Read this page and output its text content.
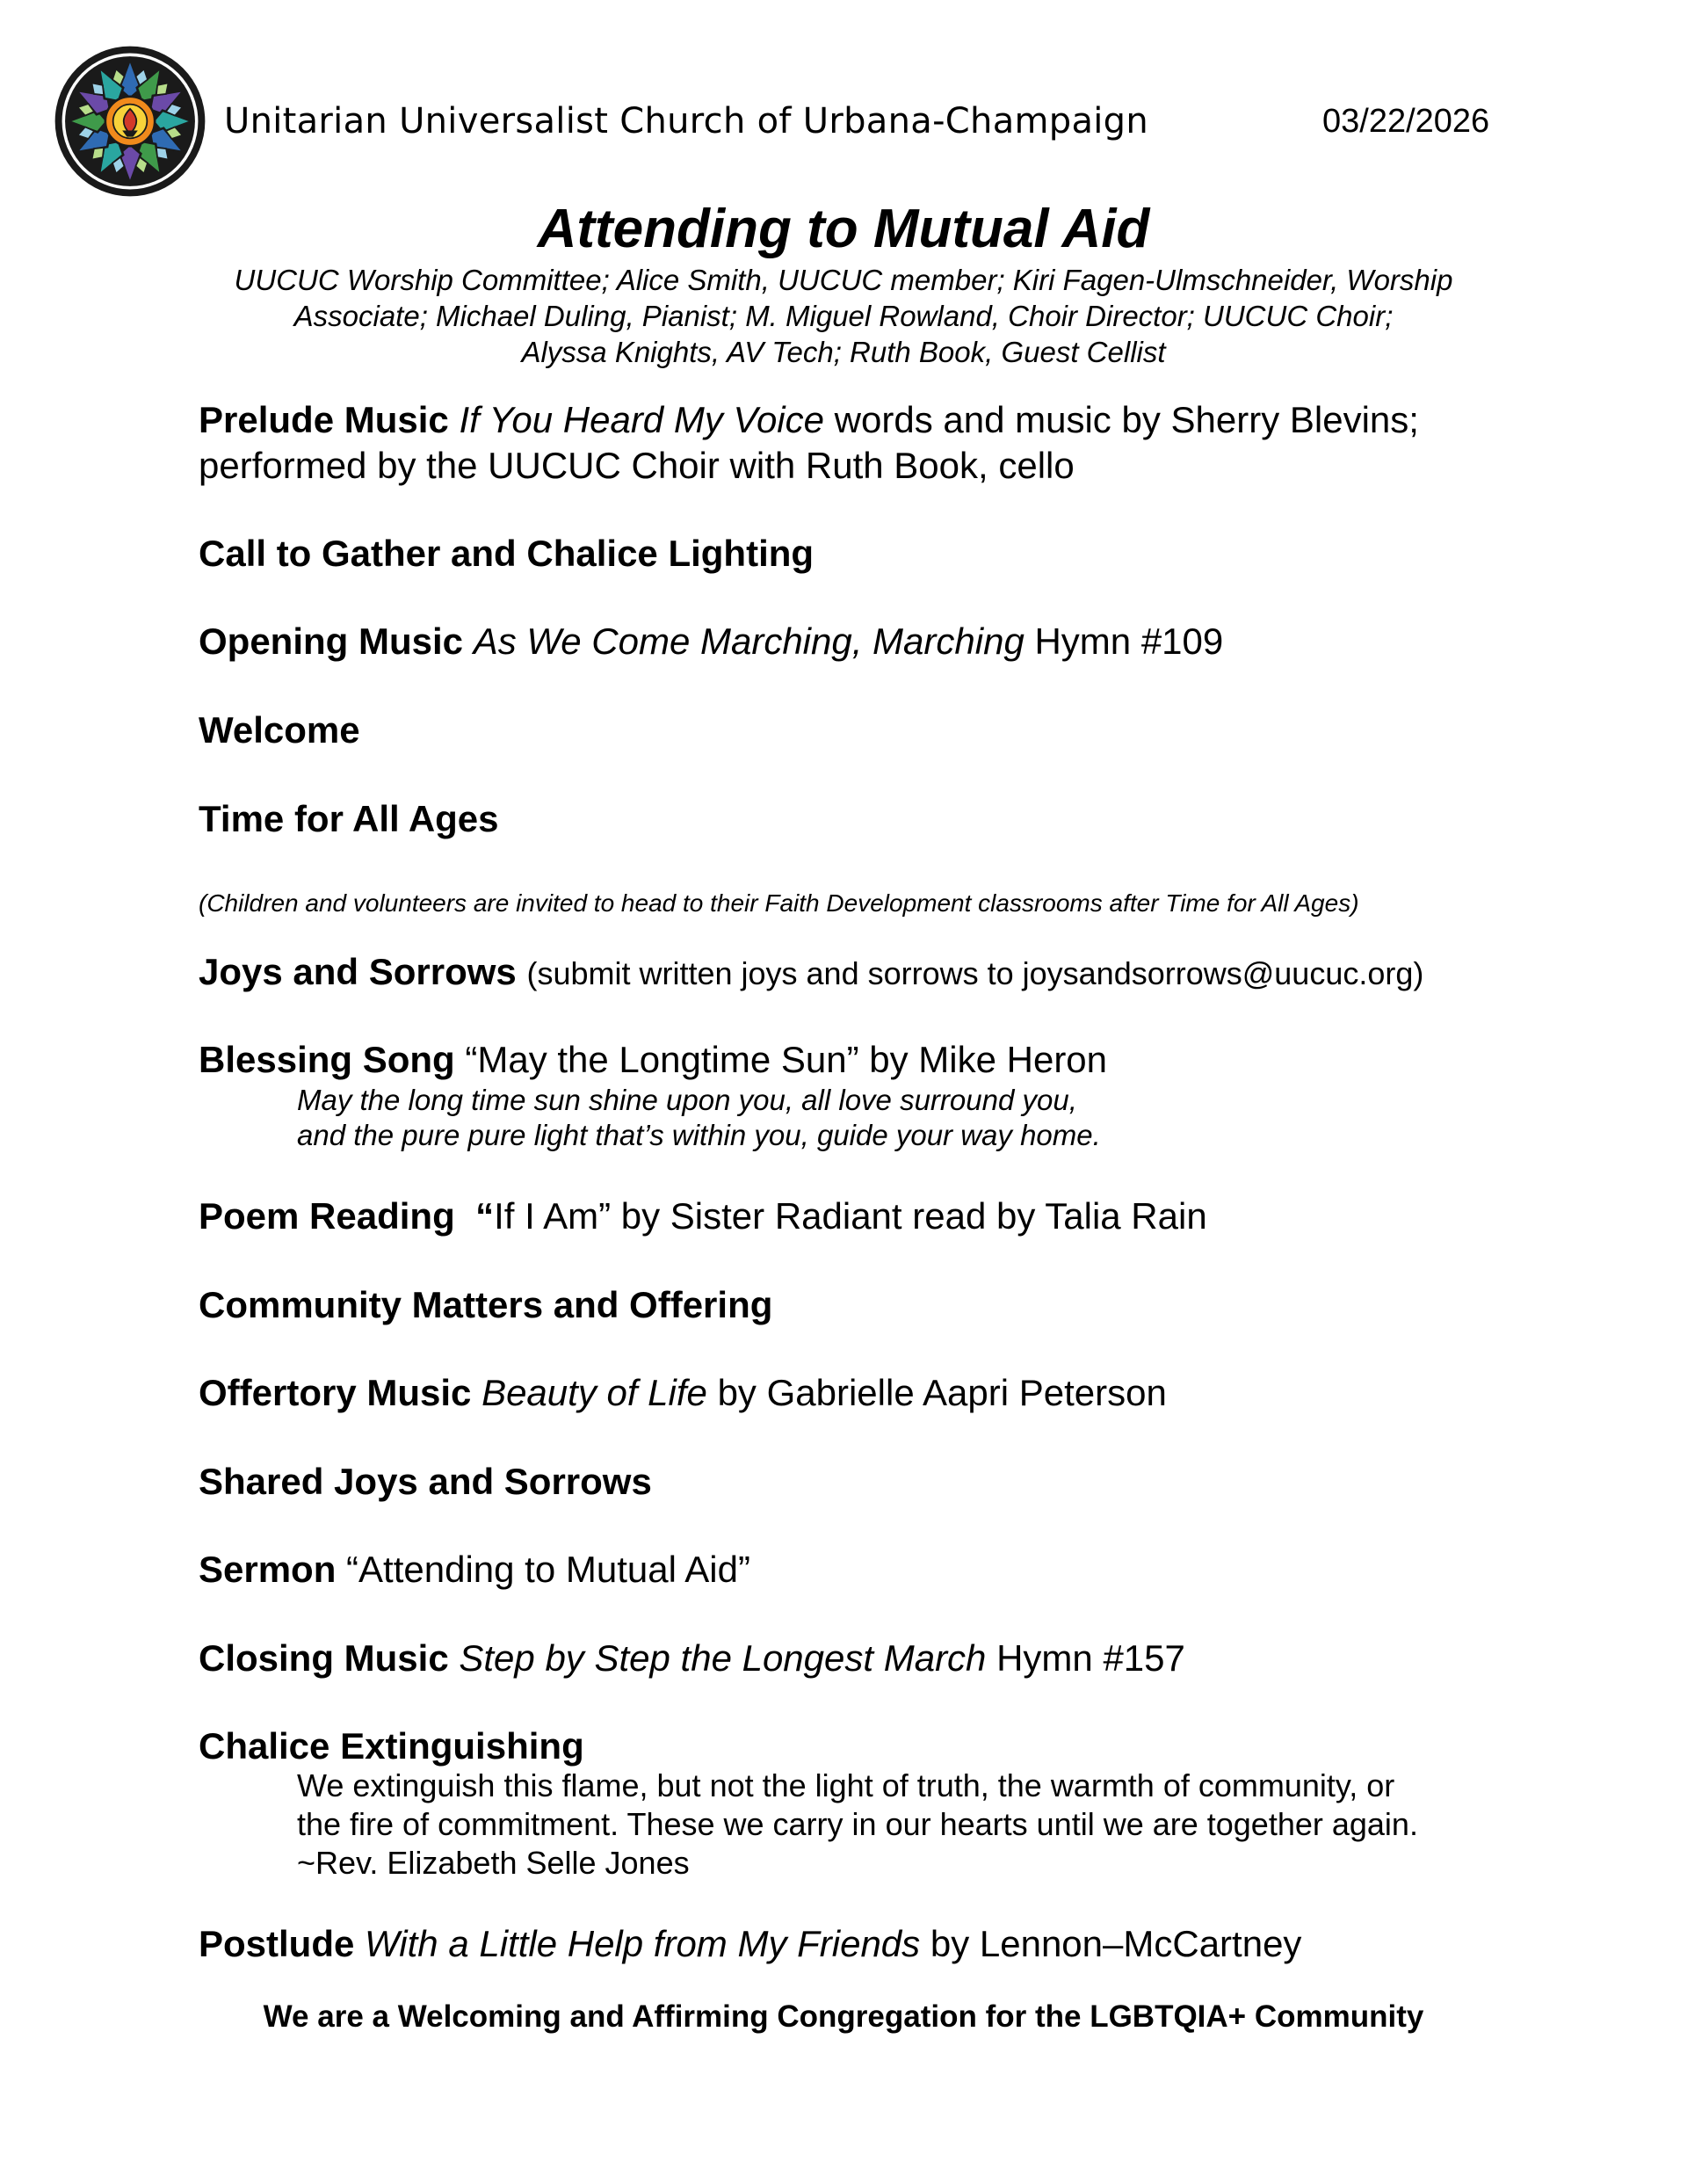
Unitarian Universalist Church of Urbana-Champaign	03/22/2026
Attending to Mutual Aid
UUCUC Worship Committee; Alice Smith, UUCUC member; Kiri Fagen-Ulmschneider, Worship
Associate; Michael Duling, Pianist; M. Miguel Rowland, Choir Director; UUCUC Choir;
Alyssa Knights, AV Tech; Ruth Book, Guest Cellist
Prelude Music If You Heard My Voice words and music by Sherry Blevins;
performed by the UUCUC Choir with Ruth Book, cello
Call to Gather and Chalice Lighting
Opening Music As We Come Marching, Marching Hymn #109
Welcome
Time for All Ages
(Children and volunteers are invited to head to their Faith Development classrooms after Time for All Ages)
Joys and Sorrows (submit written joys and sorrows to joysandsorrows@uucuc.org)
Blessing Song “May the Longtime Sun” by Mike Heron
May the long time sun shine upon you, all love surround you,
and the pure pure light that’s within you, guide your way home.
Poem Reading “If I Am” by Sister Radiant read by Talia Rain
Community Matters and Offering
Offertory Music Beauty of Life by Gabrielle Aapri Peterson
Shared Joys and Sorrows
Sermon “Attending to Mutual Aid”
Closing Music Step by Step the Longest March Hymn #157
Chalice Extinguishing
We extinguish this flame, but not the light of truth, the warmth of community, or
the fire of commitment. These we carry in our hearts until we are together again.
~Rev. Elizabeth Selle Jones
Postlude With a Little Help from My Friends by Lennon–McCartney
We are a Welcoming and Affirming Congregation for the LGBTQIA+ Community
